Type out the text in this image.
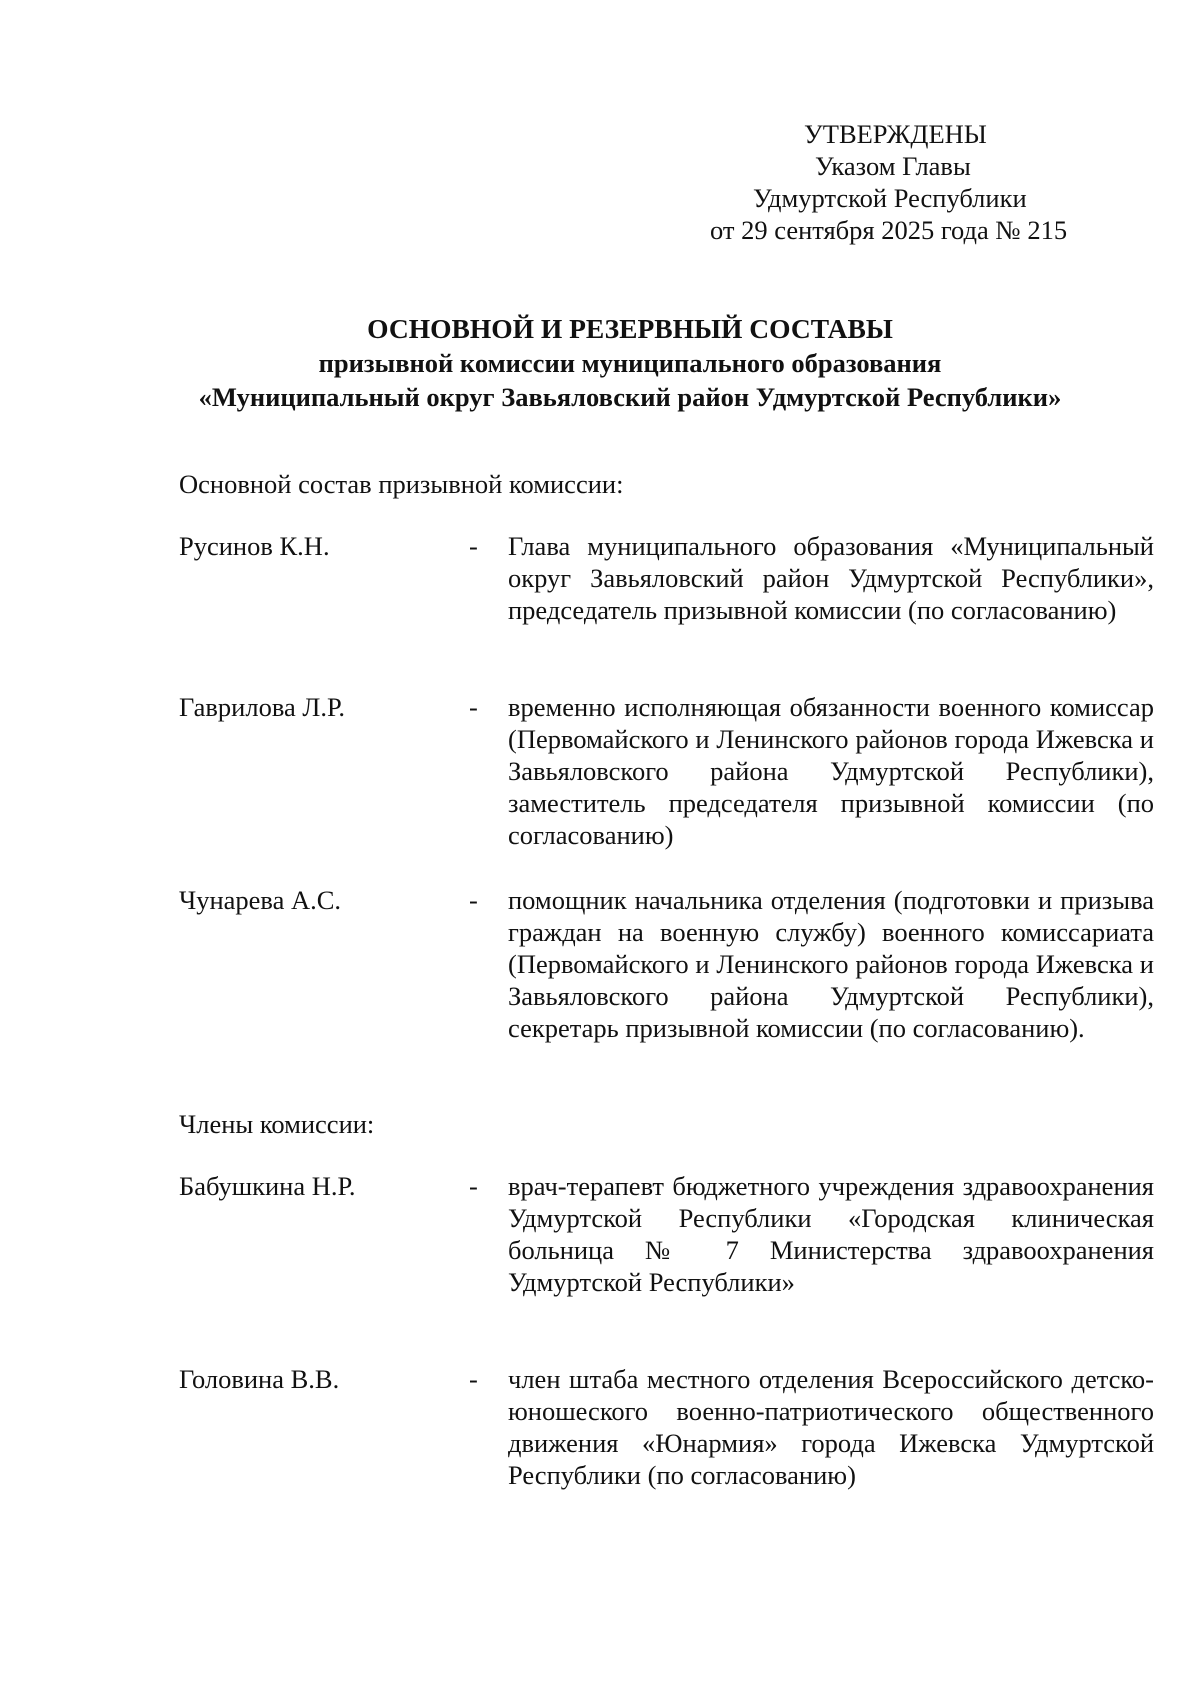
УТВЕРЖДЕНЫ
Указом Главы
Удмуртской Республики
от 29 сентября 2025 года № 215
ОСНОВНОЙ И РЕЗЕРВНЫЙ СОСТАВЫ
призывной комиссии муниципального образования
«Муниципальный округ Завьяловский район Удмуртской Республики»
Основной состав призывной комиссии:
Русинов К.Н.	- Глава муниципального образования «Муниципальный округ Завьяловский район Удмуртской Республики», председатель призывной комиссии (по согласованию)
Гаврилова Л.Р.	- временно исполняющая обязанности военного комиссар (Первомайского и Ленинского районов города Ижевска и Завьяловского района Удмуртской Республики), заместитель председателя призывной комиссии (по согласованию)
Чунарева А.С.	- помощник начальника отделения (подготовки и призыва граждан на военную службу) военного комиссариата (Первомайского и Ленинского районов города Ижевска и Завьяловского района Удмуртской Республики), секретарь призывной комиссии (по согласованию).
Члены комиссии:
Бабушкина Н.Р.	- врач-терапевт бюджетного учреждения здравоохранения Удмуртской Республики «Городская клиническая больница № 7 Министерства здравоохранения Удмуртской Республики»
Головина В.В.	- член штаба местного отделения Всероссийского детско-юношеского военно-патриотического общественного движения «Юнармия» города Ижевска Удмуртской Республики (по согласованию)
